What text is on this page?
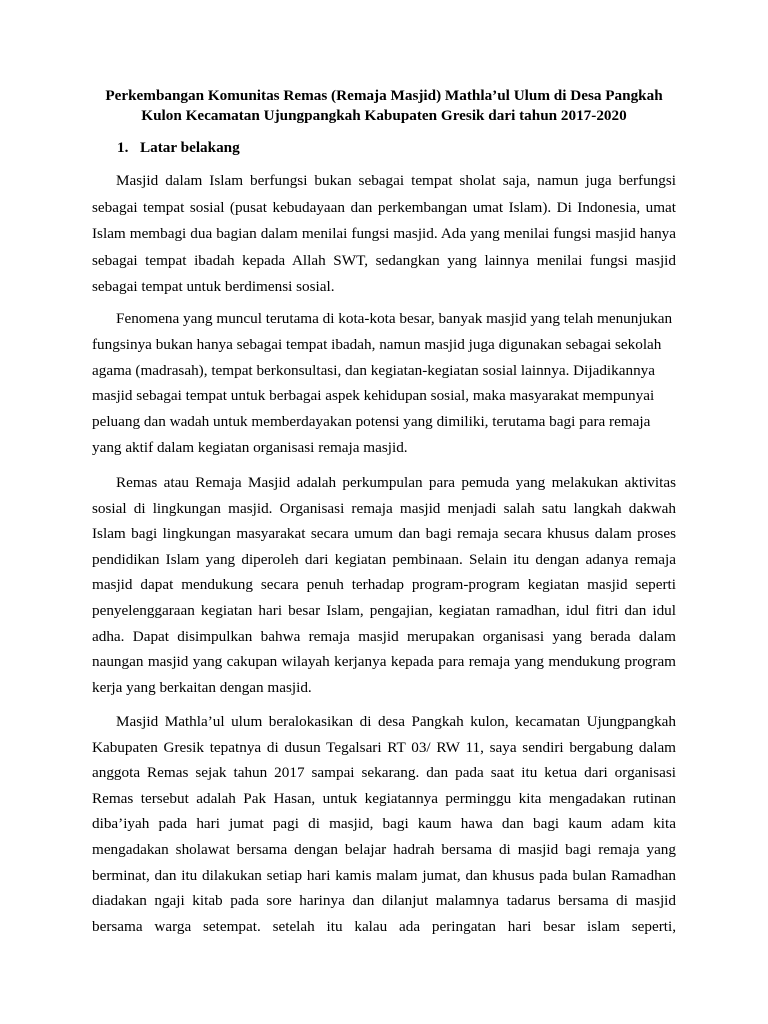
Perkembangan Komunitas Remas (Remaja Masjid) Mathla’ul Ulum di Desa Pangkah Kulon Kecamatan Ujungpangkah Kabupaten Gresik dari tahun 2017-2020
1. Latar belakang

Masjid dalam Islam berfungsi bukan sebagai tempat sholat saja, namun juga berfungsi sebagai tempat sosial (pusat kebudayaan dan perkembangan umat Islam). Di Indonesia, umat Islam membagi dua bagian dalam menilai fungsi masjid. Ada yang menilai fungsi masjid hanya sebagai tempat ibadah kepada Allah SWT, sedangkan yang lainnya menilai fungsi masjid sebagai tempat untuk berdimensi sosial.

Fenomena yang muncul terutama di kota-kota besar, banyak masjid yang telah menunjukan fungsinya bukan hanya sebagai tempat ibadah, namun masjid juga digunakan sebagai sekolah agama (madrasah), tempat berkonsultasi, dan kegiatan-kegiatan sosial lainnya. Dijadikannya masjid sebagai tempat untuk berbagai aspek kehidupan sosial, maka masyarakat mempunyai peluang dan wadah untuk memberdayakan potensi yang dimiliki, terutama bagi para remaja yang aktif dalam kegiatan organisasi remaja masjid.

Remas atau Remaja Masjid adalah perkumpulan para pemuda yang melakukan aktivitas sosial di lingkungan masjid. Organisasi remaja masjid menjadi salah satu langkah dakwah Islam bagi lingkungan masyarakat secara umum dan bagi remaja secara khusus dalam proses pendidikan Islam yang diperoleh dari kegiatan pembinaan. Selain itu dengan adanya remaja masjid dapat mendukung secara penuh terhadap program-program kegiatan masjid seperti penyelenggaraan kegiatan hari besar Islam, pengajian, kegiatan ramadhan, idul fitri dan idul adha. Dapat disimpulkan bahwa remaja masjid merupakan organisasi yang berada dalam naungan masjid yang cakupan wilayah kerjanya kepada para remaja yang mendukung program kerja yang berkaitan dengan masjid.

Masjid Mathla’ul ulum beralokasikan di desa Pangkah kulon, kecamatan Ujungpangkah Kabupaten Gresik tepatnya di dusun Tegalsari RT 03/ RW 11, saya sendiri bergabung dalam anggota Remas sejak tahun 2017 sampai sekarang. dan pada saat itu ketua dari organisasi Remas tersebut adalah Pak Hasan, untuk kegiatannya perminggu kita mengadakan rutinan diba’iyah pada hari jumat pagi di masjid, bagi kaum hawa dan bagi kaum adam kita mengadakan sholawat bersama dengan belajar hadrah bersama di masjid bagi remaja yang berminat, dan itu dilakukan setiap hari kamis malam jumat, dan khusus pada bulan Ramadhan diadakan ngaji kitab pada sore harinya dan dilanjut malamnya tadarus bersama di masjid bersama warga setempat. setelah itu kalau ada peringatan hari besar islam seperti,
